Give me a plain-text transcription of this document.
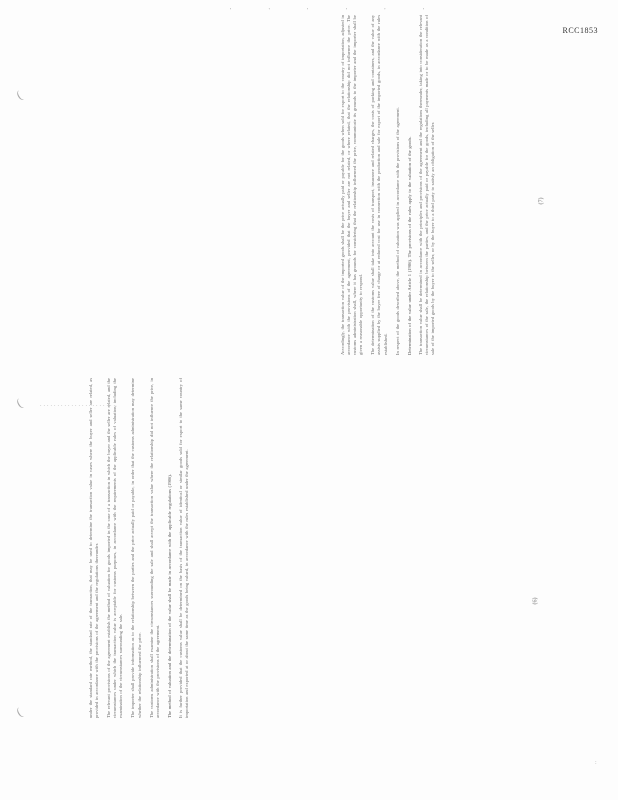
' ' ' ' ' '
RCC1853
(
(
(
......................
:

under the standard rate method, the standard rate of the transaction, that may be used to determine the transaction value in cases where the buyer and seller are related, as provided in accordance with the provisions of the agreement and the regulations thereunder. The relevant provisions of the agreement establish the method of valuation for goods imported in the case of a transaction in which the buyer and the seller are related, and the circumstances under which the transaction value is acceptable for customs purposes, in accordance with the requirements of the applicable rules of valuation, including the examination of the circumstances surrounding the sale. The importer shall provide information as to the relationship between the parties and the price actually paid or payable, in order that the customs administration may determine whether the relationship influenced the price. The customs administration shall examine the circumstances surrounding the sale and shall accept the transaction value where the relationship did not influence the price, in accordance with the provisions of the agreement. The method of valuation and the determination of the value shall be made in accordance with the applicable regulations (1986). It is further provided that the customs value shall be determined on the basis of the transaction value of identical or similar goods sold for export to the same country of importation and exported at or about the same time as the goods being valued, in accordance with the rules established under the agreement.

Accordingly, the transaction value of the imported goods shall be the price actually paid or payable for the goods when sold for export to the country of importation, adjusted in accordance with the provisions of the agreement, provided that the buyer and seller are not related, or where related, that the relationship did not influence the price. The customs administration shall, where it has grounds for considering that the relationship influenced the price, communicate its grounds to the importer and the importer shall be given a reasonable opportunity to respond. The determination of the customs value shall take into account the costs of transport, insurance and related charges, the costs of packing and containers, and the value of any assists supplied by the buyer free of charge or at reduced cost for use in connection with the production and sale for export of the imported goods, in accordance with the rules established. In respect of the goods described above, the method of valuation was applied in accordance with the provisions of the agreement. Determination of the value under Article 1 (1986). The provisions of the rules apply to the valuation of the goods. The transaction value shall be determined in accordance with the principles and provisions of the agreement and the regulations thereunder, taking into consideration the relevant circumstances of the sale, the relationship between the parties, and the price actually paid or payable for the goods, including all payments made or to be made as a condition of sale of the imported goods by the buyer to the seller, or by the buyer to a third party to satisfy an obligation of the seller.

(6)
(7)
